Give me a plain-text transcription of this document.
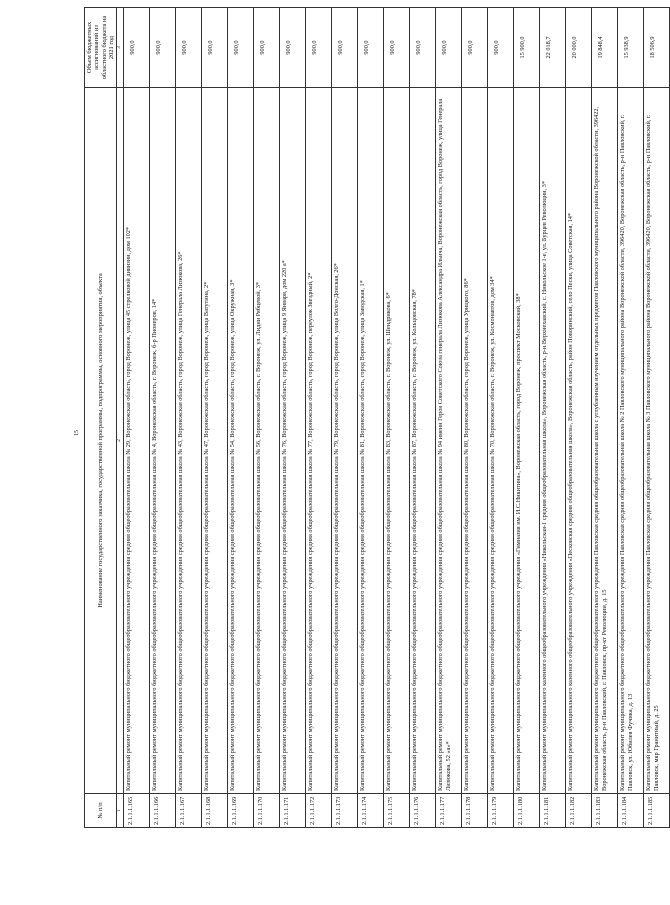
15
№ п/п	Наименование государственного заказчика, государственной программы, подпрограммы, основного мероприятия, объекта	Объем бюджетных ассигнований из областного бюджета на 2021 год
1	2	3
2.1.1.1.165	Капитальный ремонт муниципального бюджетного общеобразовательного учреждения средняя общеобразовательная школа № 29, Воронежская область, город Воронеж, улица 45 стрелковой дивизии, дом 102*	900,0
2.1.1.1.166	Капитальный ремонт муниципального бюджетного общеобразовательного учреждения средняя общеобразовательная школа № 4, Воронежская область, г. Воронеж, б-р Пионеров, 14*	900,0
2.1.1.1.167	Капитальный ремонт муниципального бюджетного общеобразовательного учреждения средняя общеобразовательная школа № 43, Воронежская область, город Воронеж, улица Генерала Лизюкова, 26*	900,0
2.1.1.1.168	Капитальный ремонт муниципального бюджетного общеобразовательного учреждения средняя общеобразовательная школа № 47, Воронежская область, город Воронеж, улица Ватутина, 2*	900,0
2.1.1.1.169	Капитальный ремонт муниципального бюджетного общеобразовательного учреждения средняя общеобразовательная школа № 54, Воронежская область, город Воронеж, улица Окружная, 3*	900,0
2.1.1.1.170	Капитальный ремонт муниципального бюджетного общеобразовательного учреждения средняя общеобразовательная школа № 56, Воронежская область, г. Воронеж, ул. Лидии Рябцевой, 3*	900,0
2.1.1.1.171	Капитальный ремонт муниципального бюджетного общеобразовательного учреждения средняя общеобразовательная школа № 76, Воронежская область, город Воронеж, улица 9 Января, дом 220 а*	900,0
2.1.1.1.172	Капитальный ремонт муниципального бюджетного общеобразовательного учреждения средняя общеобразовательная школа № 77, Воронежская область, город Воронеж, переулок Звездный, 2*	900,0
2.1.1.1.173	Капитальный ремонт муниципального бюджетного общеобразовательного учреждения средняя общеобразовательная школа № 79, Воронежская область, город Воронеж, улица Волго-Донская, 26*	900,0
2.1.1.1.174	Капитальный ремонт муниципального бюджетного общеобразовательного учреждения средняя общеобразовательная школа № 81, Воронежская область, город Воронеж, улица Заводская, 1*	900,0
2.1.1.1.175	Капитальный ремонт муниципального бюджетного общеобразовательного учреждения средняя общеобразовательная школа № 83, Воронежская область, г. Воронеж, ул. Шендрикова, 6*	900,0
2.1.1.1.176	Капитальный ремонт муниципального бюджетного общеобразовательного учреждения средняя общеобразовательная школа № 87, Воронежская область, г. Воронеж, ул. Кольцовская, 78*	900,0
2.1.1.1.177	Капитальный ремонт муниципального бюджетного общеобразовательного учреждения средняя общеобразовательная школа № 94 имени Героя Советского Союза генерала Лизюкова Александра Ильича, Воронежская область, город Воронеж, улица Генерала Лизюкова, 52 «а»*	900,0
2.1.1.1.178	Капитальный ремонт муниципального бюджетного общеобразовательного учреждения средняя общеобразовательная школа № 80, Воронежская область, город Воронеж, улица Урицкого, 86*	900,0
2.1.1.1.179	Капитальный ремонт муниципального бюджетного общеобразовательного учреждения средняя общеобразовательная школа № 70, Воронежская область, г. Воронеж, ул. Космонавтов, дом 34*	900,0
2.1.1.1.180	Капитальный ремонт муниципального бюджетного общеобразовательного учреждения «Гимназия им. И.С.Никитина», Воронежская область, город Воронеж, проспект Московский, 38*	15 900,0
2.1.1.1.181	Капитальный ремонт муниципального казенного общеобразовательного учреждения «Никольская-1 средняя общеобразовательная школа», Воронежская область, р-н Верхнехавский, с. Никольское 1-е, ул. Бурцев Революции, 3*	22 018,7
2.1.1.1.182	Капитальный ремонт муниципального казенного общеобразовательного учреждения «Песковская средняя общеобразовательная школа», Воронежская область, район Поворинский, село Пески, улица Советская, 14*	20 000,0
2.1.1.1.183	Капитальный ремонт муниципального бюджетного общеобразовательного учреждения Павловская средняя общеобразовательная школа с углубленным изучением отдельных предметов Павловского муниципального района Воронежской области, 396422, Воронежская область, р-н Павловский, г. Павловск, пр-кт Революции, д. 15	19 848,4
2.1.1.1.184	Капитальный ремонт муниципального бюджетного общеобразовательного учреждения Павловская средняя общеобразовательная школа № 2 Павловского муниципального района Воронежской области, 396420, Воронежская область, р-н Павловский, г. Павловск, ул. Юбилея Фучика, д. 13	15 938,9
2.1.1.1.185	Капитальный ремонт муниципального бюджетного общеобразовательного учреждения Павловская средняя общеобразовательная школа № 3 Павловского муниципального района Воронежской области, 396420, Воронежская область, р-н Павловский, г. Павловск, мкр Гранитный, д. 25	18 506,9
